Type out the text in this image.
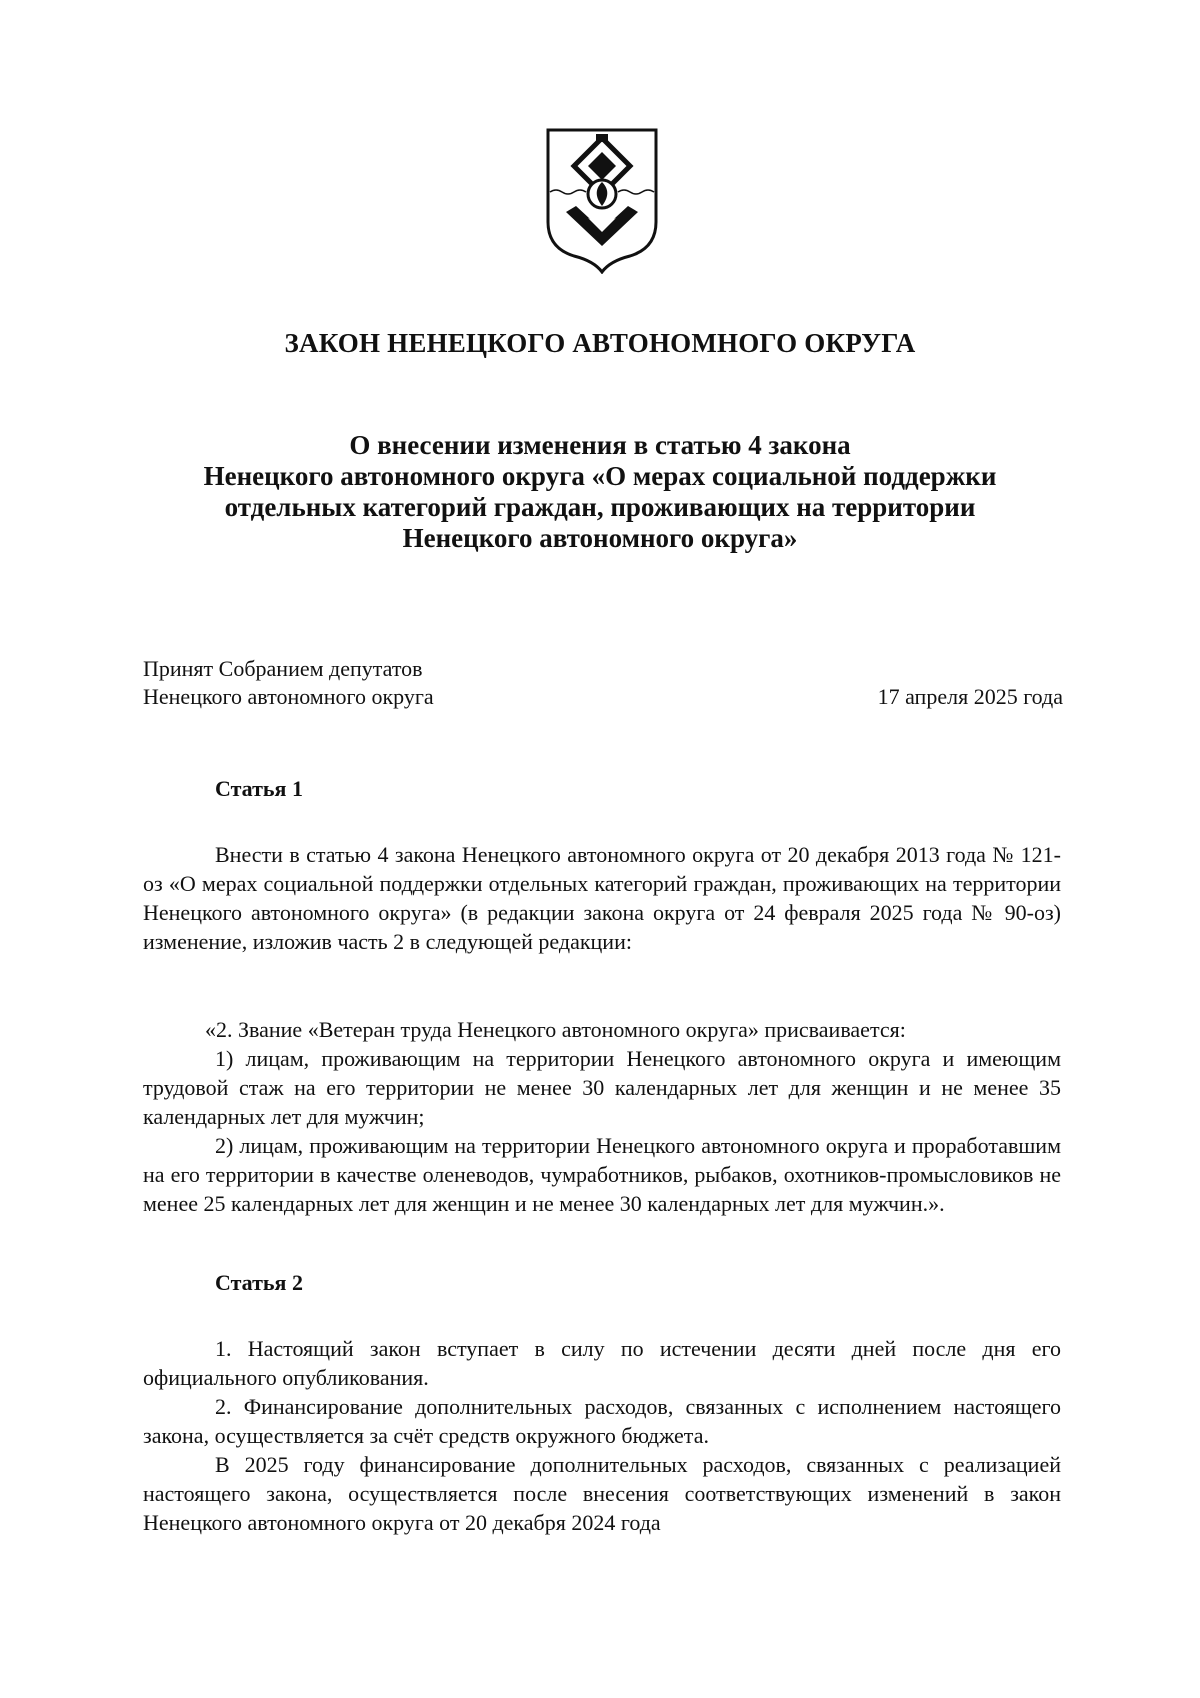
ЗАКОН НЕНЕЦКОГО АВТОНОМНОГО ОКРУГА
О внесении изменения в статью 4 закона
Ненецкого автономного округа «О мерах социальной поддержки
отдельных категорий граждан, проживающих на территории
Ненецкого автономного округа»
Принят Собранием депутатов
Ненецкого автономного округа	17 апреля 2025 года
Статья 1

Внести в статью 4 закона Ненецкого автономного округа от 20 декабря 2013 года № 121-оз «О мерах социальной поддержки отдельных категорий граждан, проживающих на территории Ненецкого автономного округа» (в редакции закона округа от 24 февраля 2025 года № 90-оз) изменение, изложив часть 2 в следующей редакции:

«2. Звание «Ветеран труда Ненецкого автономного округа» присваивается:

1) лицам, проживающим на территории Ненецкого автономного округа и имеющим трудовой стаж на его территории не менее 30 календарных лет для женщин и не менее 35 календарных лет для мужчин;

2) лицам, проживающим на территории Ненецкого автономного округа и проработавшим на его территории в качестве оленеводов, чумработников, рыбаков, охотников-промысловиков не менее 25 календарных лет для женщин и не менее 30 календарных лет для мужчин.».

Статья 2

1. Настоящий закон вступает в силу по истечении десяти дней после дня его официального опубликования.

2. Финансирование дополнительных расходов, связанных с исполнением настоящего закона, осуществляется за счёт средств окружного бюджета.

В 2025 году финансирование дополнительных расходов, связанных с реализацией настоящего закона, осуществляется после внесения соответствующих изменений в закон Ненецкого автономного округа от 20 декабря 2024 года
